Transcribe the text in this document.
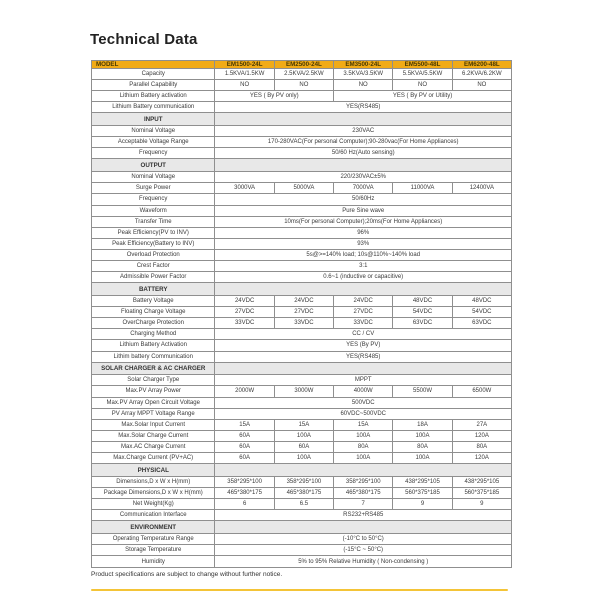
Technical Data
MODEL	EM1500-24L	EM2500-24L	EM3500-24L	EM5500-48L	EM6200-48L
Capacity	1.5KVA/1.5KW	2.5KVA/2.5KW	3.5KVA/3.5KW	5.5KVA/5.5KW	6.2KVA/6.2KW
Parallel Capability	NO	NO	NO	NO	NO
Lithium Battery activation	YES ( By PV only)		YES ( By PV or Utility)		
Lithium Battery communication	YES(RS485)				
INPUT					
Nominal Voltage	230VAC				
Acceptable Voltage Range	170-280VAC(For personal Computer);90-280vac(For Home Appliances)				
Frequency	50/60 Hz(Auto sensing)				
OUTPUT					
Nominal Voltage	220/230VAC±5%				
Surge Power	3000VA	5000VA	7000VA	11000VA	12400VA
Frequency	50/60Hz				
Waveform	Pure Sine wave				
Transfer Time	10ms(For personal Computer);20ms(For Home Appliances)				
Peak Efficiency(PV to INV)	96%				
Peak Efficiency(Battery to INV)	93%				
Overload Protection	5s@>=140% load; 10s@110%~140% load				
Crest Factor	3:1				
Admissible Power Factor	0.6~1 (inductive or capacitive)				
BATTERY					
Battery Voltage	24VDC	24VDC	24VDC	48VDC	48VDC
Floating Charge Voltage	27VDC	27VDC	27VDC	54VDC	54VDC
OverCharge Protection	33VDC	33VDC	33VDC	63VDC	63VDC
Charging Method	CC / CV				
Lithium Battery Activation	YES (By PV)				
Lithim battery Communication	YES(RS485)				
SOLAR CHARGER & AC CHARGER					
Solar Charger Type	MPPT				
Max.PV Array Power	2000W	3000W	4000W	5500W	6500W
Max.PV Array Open Circuit Voltage	500VDC				
PV Array MPPT Voltage Range	60VDC~500VDC				
Max.Solar Input Current	15A	15A	15A	18A	27A
Max.Solar Charge Current	60A	100A	100A	100A	120A
Max.AC Charge Current	60A	60A	80A	80A	80A
Max.Charge Current (PV+AC)	60A	100A	100A	100A	120A
PHYSICAL					
Dimensions,D x W x H(mm)	358*295*100	358*295*100	358*295*100	438*295*105	438*295*105
Package Dimensions,D x W x H(mm)	465*380*175	465*380*175	465*380*175	560*375*185	560*375*185
Net Weight(Kg)	6	6.5	7	9	9
Communication Interface	RS232+RS485				
ENVIRONMENT					
Operating Temperature Range	(-10°C to 50°C)				
Storage Temperature	(-15°C ~ 50°C)				
Humidity	5% to 95% Relative Humidity ( Non-condensing )				
Product specifications are subject to change without further notice.
